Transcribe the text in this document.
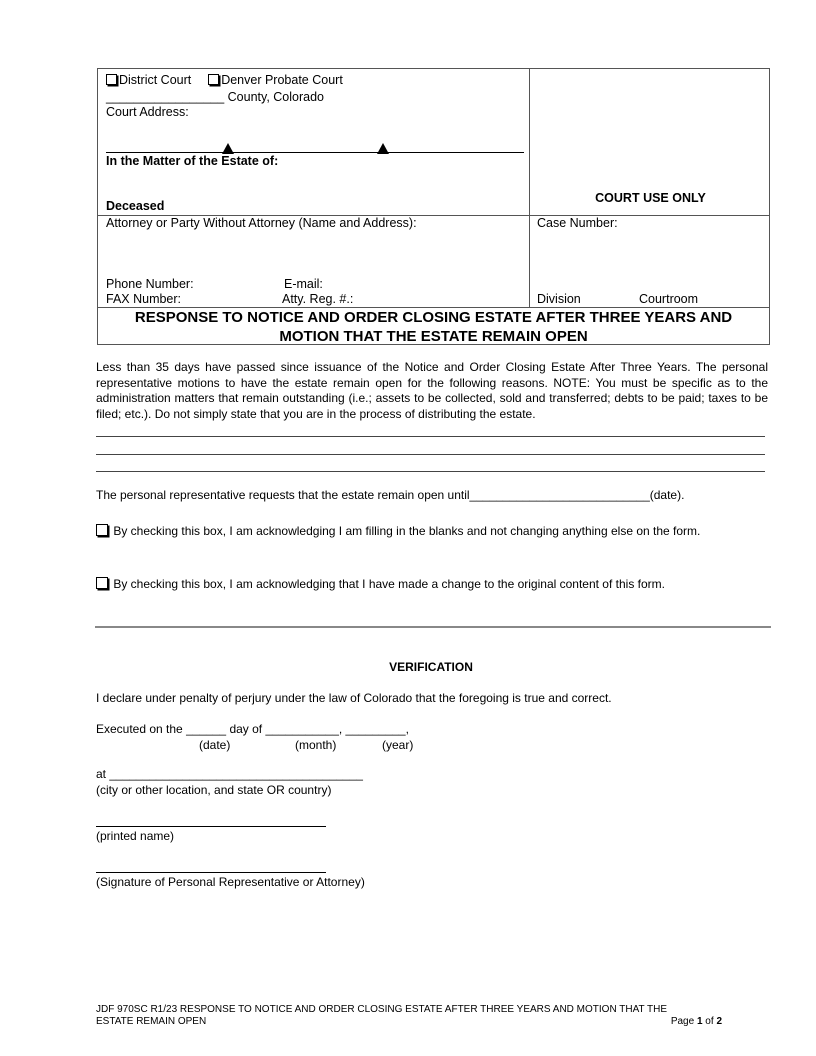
District Court Denver Probate Court
_________________ County, Colorado
Court Address:
In the Matter of the Estate of:
Deceased
COURT USE ONLY
Attorney or Party Without Attorney (Name and Address):
Phone Number:	E-mail:
FAX Number:	Atty. Reg. #.:
Case Number:
Division	Courtroom
RESPONSE TO NOTICE AND ORDER CLOSING ESTATE AFTER THREE YEARS AND
MOTION THAT THE ESTATE REMAIN OPEN
Less than 35 days have passed since issuance of the Notice and Order Closing Estate After Three Years. The personal representative motions to have the estate remain open for the following reasons. NOTE: You must be specific as to the administration matters that remain outstanding (i.e.; assets to be collected, sold and transferred; debts to be paid; taxes to be filed; etc.). Do not simply state that you are in the process of distributing the estate.
The personal representative requests that the estate remain open until___________________________(date).
By checking this box, I am acknowledging I am filling in the blanks and not changing anything else on the form.
By checking this box, I am acknowledging that I have made a change to the original content of this form.
VERIFICATION
I declare under penalty of perjury under the law of Colorado that the foregoing is true and correct.
Executed on the ______ day of ___________, _________,
(date)	(month)	(year)
at ______________________________________
(city or other location, and state OR country)
(printed name)
(Signature of Personal Representative or Attorney)
JDF 970SC R1/23 RESPONSE TO NOTICE AND ORDER CLOSING ESTATE AFTER THREE YEARS AND MOTION THAT THE
ESTATE REMAIN OPEN	Page 1 of 2
